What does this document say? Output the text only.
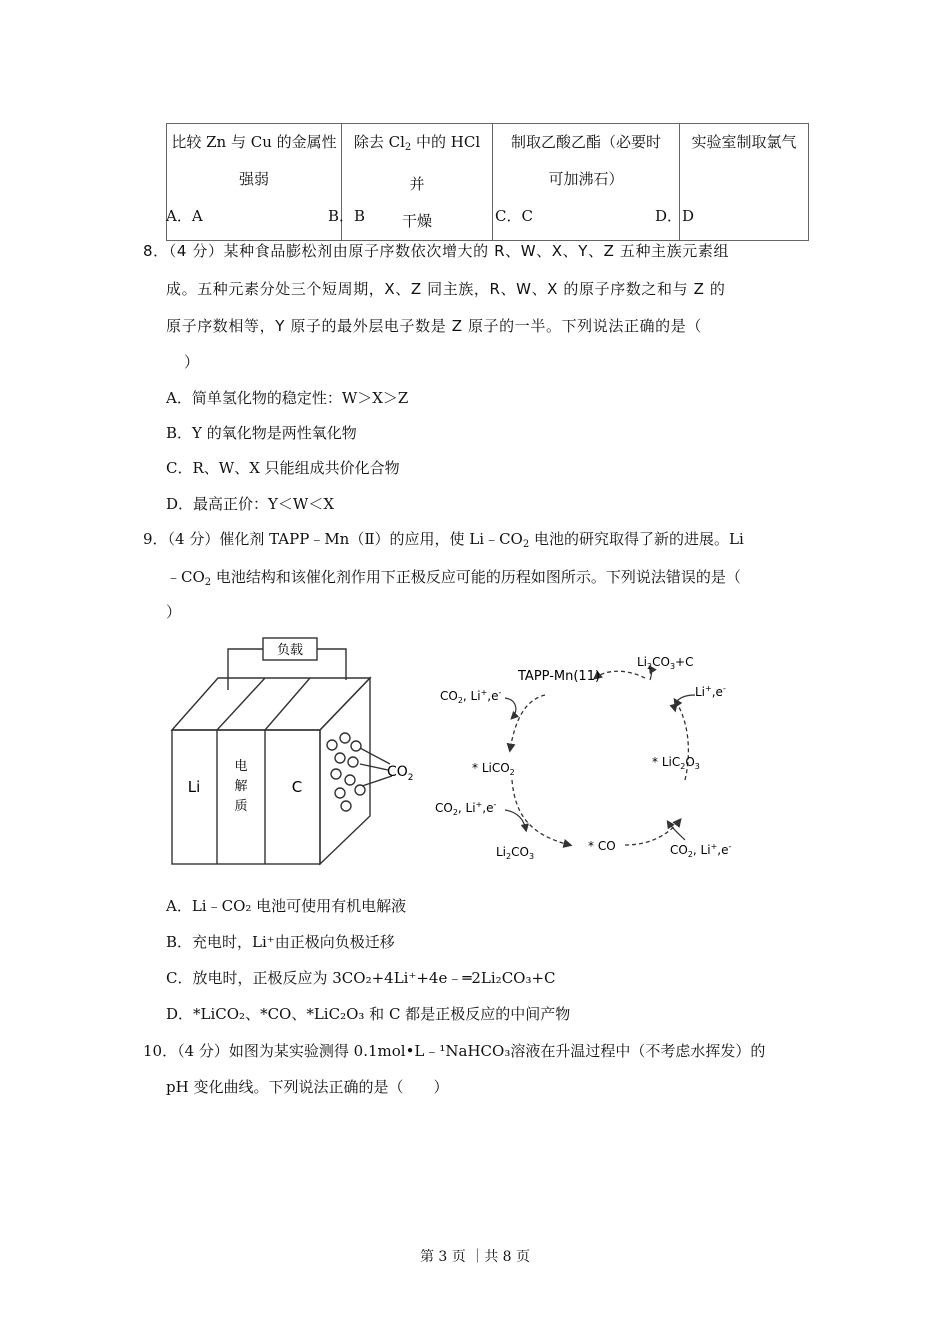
比较 Zn 与 Cu 的金属性
强弱

除去 $Cl_2$ 中的 HCl 并
干燥

制取乙酸乙酯（必要时
可加沸石）

实验室制取氯气
A．A	B．B	C．C	D．D
8．（4 分）某种食品膨松剂由原子序数依次增大的 R、W、X、Y、Z 五种主族元素组
成。五种元素分处三个短周期，X、Z 同主族，R、W、X 的原子序数之和与 Z 的
原子序数相等，Y 原子的最外层电子数是 Z 原子的一半。下列说法正确的是（
）
A．简单氢化物的稳定性：W＞X＞Z
B．Y 的氧化物是两性氧化物
C．R、W、X 只能组成共价化合物
D．最高正价：Y＜W＜X
9．（4 分）催化剂 TAPP﹣Mn（Ⅱ）的应用，使 $Li﹣CO_2$ 电池的研究取得了新的进展。Li
$﹣CO_2$ 电池结构和该催化剂作用下正极反应可能的历程如图所示。下列说法错误的是（
）
负载
Li
电
解
质
C
$CO_2$
TAPP-Mn(11)
$Li_2CO_3+C$
$CO_2$, Li+,e-	Li+,e-
* LiCO$_2$
* $LiC_2O_3$
$CO_2$, Li+,e-
$Li_2CO_3$
* CO	$CO_2$, Li+,e-
A．Li﹣CO₂ 电池可使用有机电解液
B．充电时，Li⁺由正极向负极迁移
C．放电时，正极反应为 3CO₂+4Li⁺+4e﹣═2Li₂CO₃+C
D．*LiCO₂、*CO、*LiC₂O₃ 和 C 都是正极反应的中间产物
10．（4 分）如图为某实验测得 0.1mol•L﹣¹NaHCO₃溶液在升温过程中（不考虑水挥发）的
pH 变化曲线。下列说法正确的是（　　）
第 3 页 ｜共 8 页
